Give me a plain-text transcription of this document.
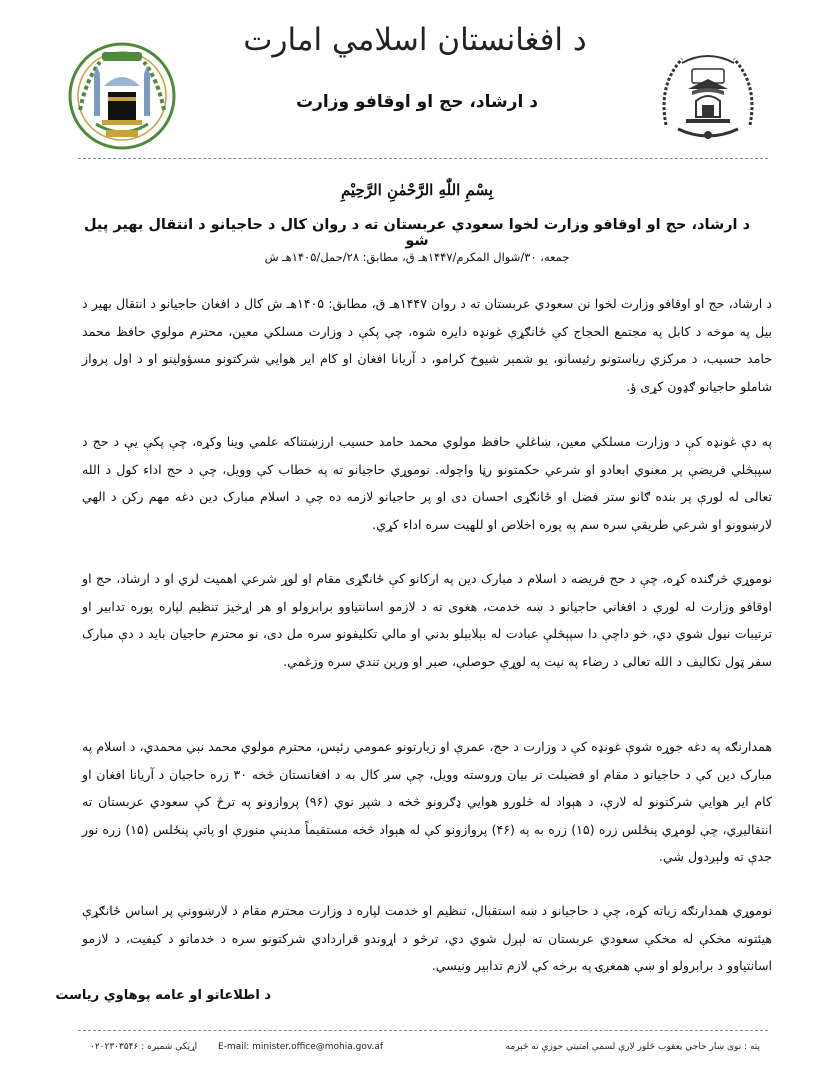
د افغانستان اسلامي امارت
د ارشاد، حج او اوقافو وزارت
بِسْمِ اللّٰهِ الرَّحْمٰنِ الرَّحِيْمِ
د ارشاد، حج او اوقافو وزارت لخوا سعودي عربستان ته د روان کال د حاجيانو د انتقال بهير پيل شو
جمعه، ۳۰/شوال المکرم/۱۴۴۷هـ ق، مطابق: ۲۸/حمل/۱۴۰۵هـ ش
د ارشاد، حج او اوقافو وزارت لخوا نن سعودي عربستان ته د روان ۱۴۴۷هـ ق، مطابق: ۱۴۰۵هـ ش کال د افغان حاجيانو د انتقال بهير د بيل په موخه د کابل په مجتمع الحجاج کې ځانګړې غونډه دايره شوه، چې پکې د وزارت مسلکي معين، محترم مولوي حافظ محمد حامد حسيب، د مرکزي رياستونو رئيسانو، يو شمېر شيوخ کرامو، د آريانا افغان او کام اير هوايي شرکتونو مسؤولينو او د اول پرواز شاملو حاجيانو ګډون کړی ؤ.
په دې غونډه کې د وزارت مسلکي معين، ښاغلي حافظ مولوي محمد حامد حسيب ارزښتناکه علمي وينا وکړه، چې پکې يې د حج د سپېڅلي فريضې پر معنوي ابعادو او شرعي حکمتونو رڼا واچوله. نوموړي حاجيانو ته په خطاب کې وويل، چې د حج اداء کول د الله تعالی له لورې پر بنده ګانو ستر فضل او ځانګړی احسان دی او پر حاجيانو لازمه ده چې د اسلام مبارک دين دغه مهم رکن د الهي لارښوونو او شرعي طريقې سره سم په پوره اخلاص او للهيت سره اداء کړي.
نوموړي څرګنده کړه، چې د حج فريضه د اسلام د مبارک دين په ارکانو کې ځانګړی مقام او لوړ شرعي اهميت لري او د ارشاد، حج او اوقافو وزارت له لورې د افغاني حاجيانو د ښه خدمت، هغوی ته د لازمو اسانتياوو برابرولو او هر اړخيز تنظيم لپاره پوره تدابير او ترتيبات نيول شوي دي، خو داچې دا سپېڅلې عبادت له بېلابېلو بدني او مالي تکليفونو سره مل دی، نو محترم حاجيان بايد د دې مبارک سفر ټول تکاليف د الله تعالی د رضاء په نيت په لوړې حوصلې، صبر او ورين تندي سره وزغمي.
همدارنګه په دغه جوړه شوې غونډه کې د وزارت د حج، عمرې او زيارتونو عمومي رئيس، محترم مولوي محمد نبي محمدي، د اسلام په مبارک دين کې د حاجيانو د مقام او فضيلت تر بيان وروسته وويل، چې سږ کال به د افغانستان څخه ۳۰ زره حاجيان د آريانا افغان او کام اير هوايي شرکتونو له لارې، د هېواد له څلورو هوايي ډګرونو څخه د شپږ نوي (۹۶) پروازونو په ترڅ کې سعودي عربستان ته انتقاليږي، چې لومړي پنځلس زره (۱۵) زره به په (۴۶) پروازونو کې له هېواد څخه مستقيماً مدينې منورې او پاتې پنځلس (۱۵) زره نور جدې ته ولېږدول شي.
نوموړي همدارنګه زياته کړه، چې د حاجيانو د ښه استقبال، تنظيم او خدمت لپاره د وزارت محترم مقام د لارښوونې پر اساس ځانګړې هيئتونه مخکې له مخکې سعودي عربستان ته لېږل شوي دي، ترڅو د اړوندو قراردادي شرکتونو سره د خدماتو د کيفيت، د لازمو اسانتياوو د برابرولو او ښې همغږۍ په برخه کې لازم تدابير ونيسي.
د اطلاعاتو او عامه پوهاوي رياست
۰۲۰۲۳۰۳۵۴۶ اړيکې شمېره : E-mail: minister.office@mohia.gov.af	پته : نوی ښار حاجي يعقوب څلور لارې لسمې امنيتي حوزې ته څېرمه
